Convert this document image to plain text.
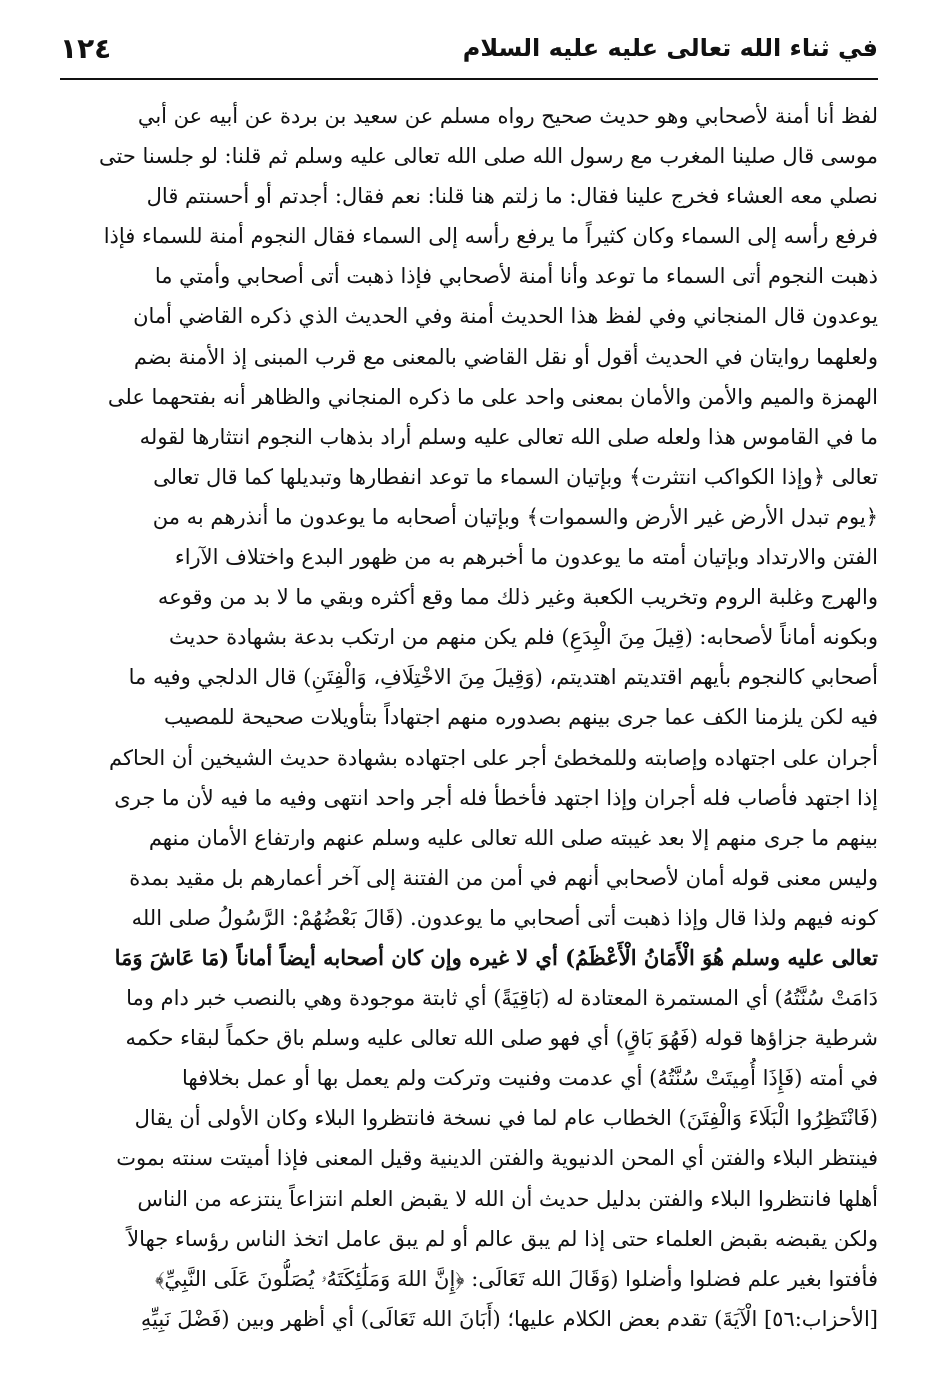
في ثناء الله تعالى عليه عليه السلام
١٢٤
لفظ أنا أمنة لأصحابي وهو حديث صحيح رواه مسلم عن سعيد بن بردة عن أبيه عن أبي
موسى قال صلينا المغرب مع رسول الله صلى الله تعالى عليه وسلم ثم قلنا: لو جلسنا حتى
نصلي معه العشاء فخرج علينا فقال: ما زلتم هنا قلنا: نعم فقال: أجدتم أو أحسنتم قال
فرفع رأسه إلى السماء وكان كثيراً ما يرفع رأسه إلى السماء فقال النجوم أمنة للسماء فإذا
ذهبت النجوم أتى السماء ما توعد وأنا أمنة لأصحابي فإذا ذهبت أتى أصحابي وأمتي ما
يوعدون قال المنجاني وفي لفظ هذا الحديث أمنة وفي الحديث الذي ذكره القاضي أمان
ولعلهما روايتان في الحديث أقول أو نقل القاضي بالمعنى مع قرب المبنى إذ الأمنة بضم
الهمزة والميم والأمن والأمان بمعنى واحد على ما ذكره المنجاني والظاهر أنه بفتحهما على
ما في القاموس هذا ولعله صلى الله تعالى عليه وسلم أراد بذهاب النجوم انتثارها لقوله
تعالى ﴿وإذا الكواكب انتثرت﴾ وبإتيان السماء ما توعد انفطارها وتبديلها كما قال تعالى
﴿يوم تبدل الأرض غير الأرض والسموات﴾ وبإتيان أصحابه ما يوعدون ما أنذرهم به من
الفتن والارتداد وبإتيان أمته ما يوعدون ما أخبرهم به من ظهور البدع واختلاف الآراء
والهرج وغلبة الروم وتخريب الكعبة وغير ذلك مما وقع أكثره وبقي ما لا بد من وقوعه
وبكونه أماناً لأصحابه: (قِيلَ مِنَ الْبِدَعِ) فلم يكن منهم من ارتكب بدعة بشهادة حديث
أصحابي كالنجوم بأيهم اقتديتم اهتديتم، (وَقِيلَ مِنَ الاخْتِلَافِ، وَالْفِتَنِ) قال الدلجي وفيه ما
فيه لكن يلزمنا الكف عما جرى بينهم بصدوره منهم اجتهاداً بتأويلات صحيحة للمصيب
أجران على اجتهاده وإصابته وللمخطئ أجر على اجتهاده بشهادة حديث الشيخين أن الحاكم
إذا اجتهد فأصاب فله أجران وإذا اجتهد فأخطأ فله أجر واحد انتهى وفيه ما فيه لأن ما جرى
بينهم ما جرى منهم إلا بعد غيبته صلى الله تعالى عليه وسلم عنهم وارتفاع الأمان منهم
وليس معنى قوله أمان لأصحابي أنهم في أمن من الفتنة إلى آخر أعمارهم بل مقيد بمدة
كونه فيهم ولذا قال وإذا ذهبت أتى أصحابي ما يوعدون. (قَالَ بَعْضُهُمْ: الرَّسُولُ صلى الله
تعالى عليه وسلم هُوَ الْأَمَانُ الْأَعْظَمُ) أي لا غيره وإن كان أصحابه أيضاً أماناً (مَا عَاشَ وَمَا
دَامَتْ سُنَّتُهُ) أي المستمرة المعتادة له (بَاقِيَةً) أي ثابتة موجودة وهي بالنصب خبر دام وما
شرطية جزاؤها قوله (فَهُوَ بَاقٍ) أي فهو صلى الله تعالى عليه وسلم باق حكماً لبقاء حكمه
في أمته (فَإِذَا أُمِيتَتْ سُنَّتُهُ) أي عدمت وفنيت وتركت ولم يعمل بها أو عمل بخلافها
(فَانْتَظِرُوا الْبَلَاءَ وَالْفِتَنَ) الخطاب عام لما في نسخة فانتظروا البلاء وكان الأولى أن يقال
فينتظر البلاء والفتن أي المحن الدنيوية والفتن الدينية وقيل المعنى فإذا أميتت سنته بموت
أهلها فانتظروا البلاء والفتن بدليل حديث أن الله لا يقبض العلم انتزاعاً ينتزعه من الناس
ولكن يقبضه بقبض العلماء حتى إذا لم يبق عالم أو لم يبق عامل اتخذ الناس رؤساء جهالاً
فأفتوا بغير علم فضلوا وأضلوا (وَقَالَ الله تَعَالَى: ﴿إِنَّ اللهَ وَمَلَٰئِكَتَهُۥ يُصَلُّونَ عَلَى النَّبِيِّ﴾
[الأحزاب:٥٦] الْآيَةَ) تقدم بعض الكلام عليها؛ (أَبَانَ الله تَعَالَى) أي أظهر وبين (فَضْلَ نَبِيِّهِ
